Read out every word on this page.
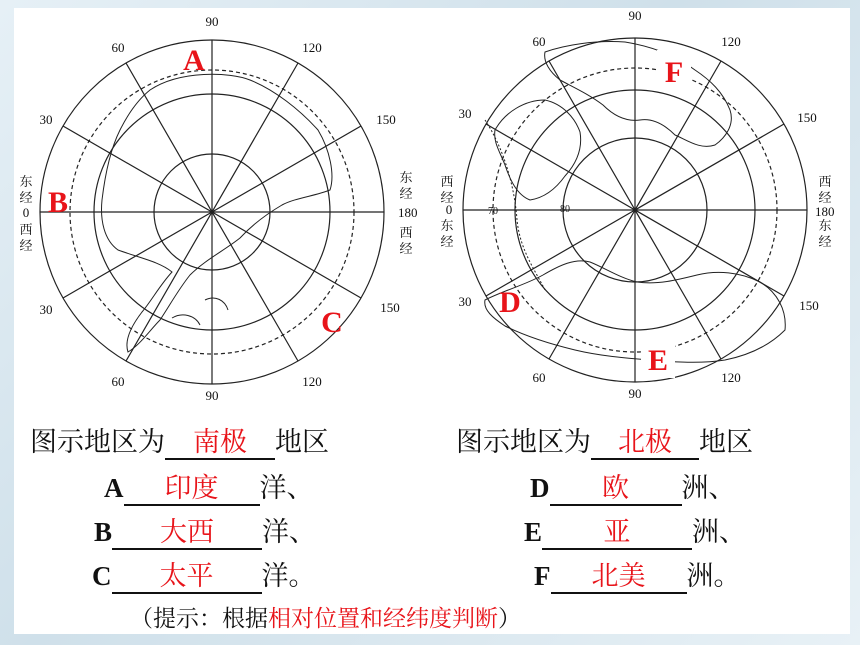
90
90
60	120
30	150
30	150
60	120
0	180
东
经
西
经
东
经
西
经
A
B
C
90
90
60	120
30	150
30	150
60	120
0	180
70	80
西
经
东
经
西
经
东
经
F
D
E
图示地区为 南极 地区
A 印度 洋、
B 大西 洋、
C 太平 洋。
图示地区为 北极 地区
D 欧 洲、
E 亚 洲、
F 北美 洲。
（提示：根据相对位置和经纬度判断）
